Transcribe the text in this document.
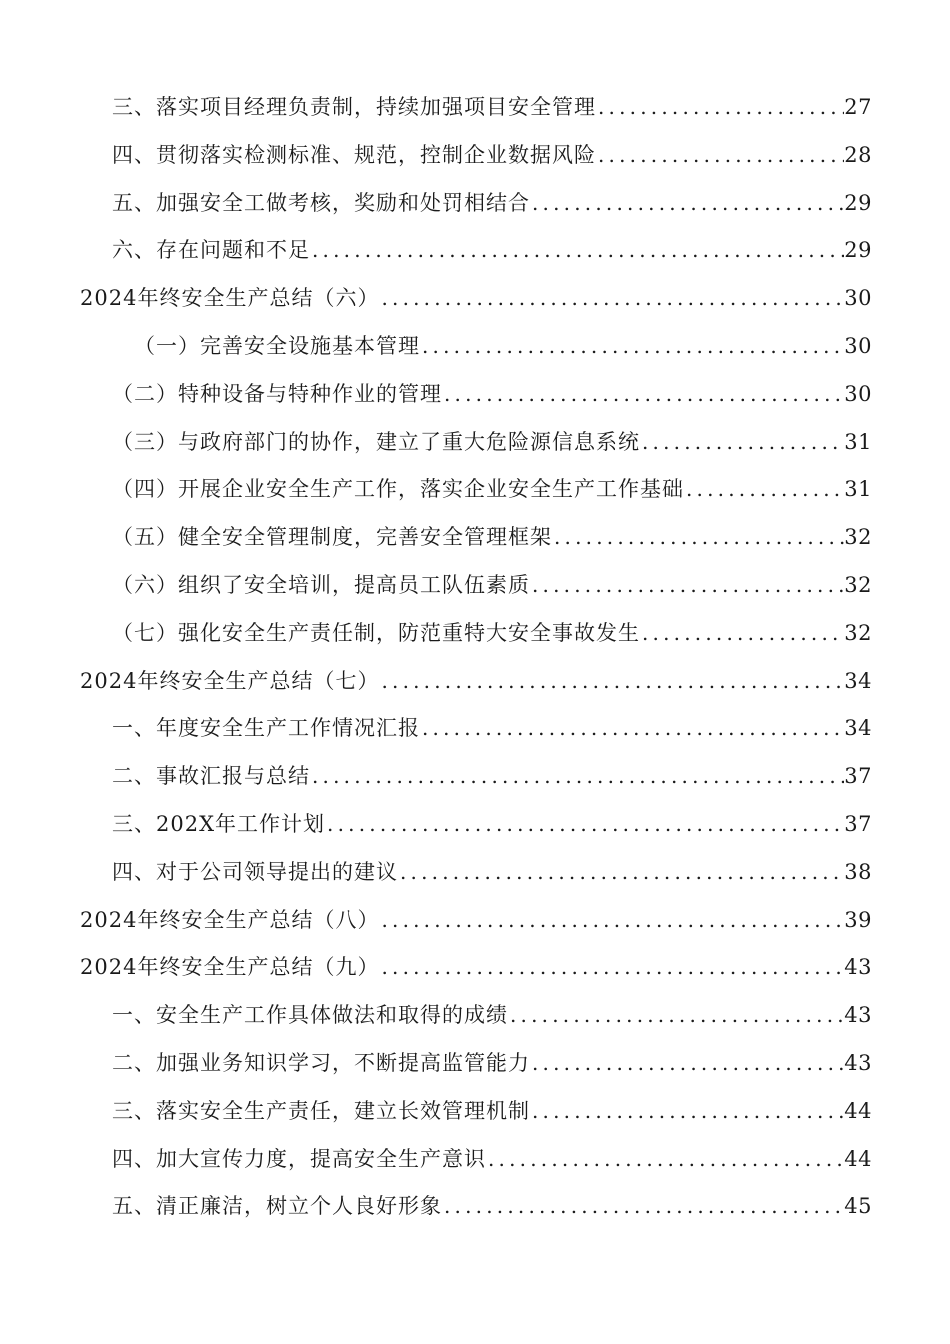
三、落实项目经理负责制，持续加强项目安全管理 .....	27
四、贯彻落实检测标准、规范，控制企业数据风险 .....	28
五、加强安全工做考核，奖励和处罚相结合 .....	29
六、存在问题和不足 .....	29
2024年终安全生产总结（六） .....	30
（一）完善安全设施基本管理 .....	30
（二）特种设备与特种作业的管理 .....	30
（三）与政府部门的协作，建立了重大危险源信息系统 .....	31
（四）开展企业安全生产工作，落实企业安全生产工作基础 .....	31
（五）健全安全管理制度，完善安全管理框架 .....	32
（六）组织了安全培训，提高员工队伍素质 .....	32
（七）强化安全生产责任制，防范重特大安全事故发生 .....	32
2024年终安全生产总结（七） .....	34
一、年度安全生产工作情况汇报 .....	34
二、事故汇报与总结 .....	37
三、202X年工作计划 .....	37
四、对于公司领导提出的建议 .....	38
2024年终安全生产总结（八） .....	39
2024年终安全生产总结（九） .....	43
一、安全生产工作具体做法和取得的成绩 .....	43
二、加强业务知识学习，不断提高监管能力 .....	43
三、落实安全生产责任，建立长效管理机制 .....	44
四、加大宣传力度，提高安全生产意识 .....	44
五、清正廉洁，树立个人良好形象 .....	45
